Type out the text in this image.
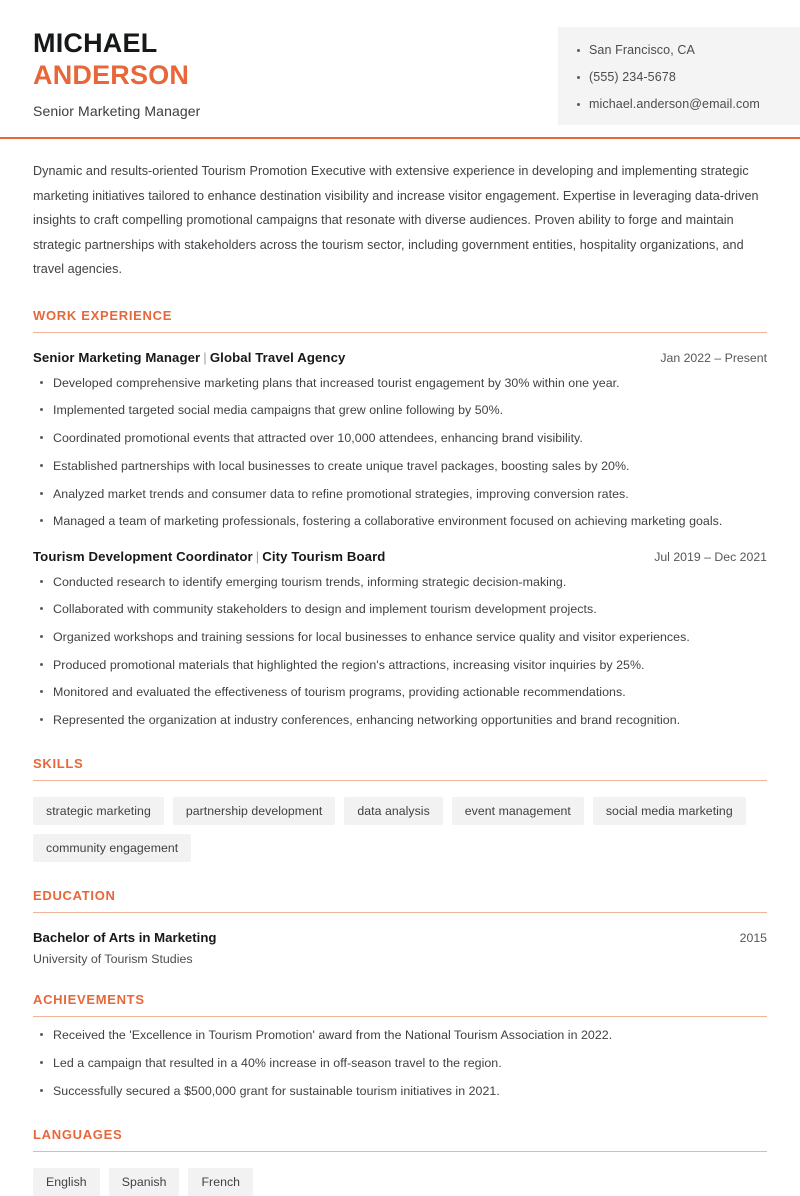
MICHAEL
ANDERSON
Senior Marketing Manager
San Francisco, CA
(555) 234-5678
michael.anderson@email.com
Dynamic and results-oriented Tourism Promotion Executive with extensive experience in developing and implementing strategic marketing initiatives tailored to enhance destination visibility and increase visitor engagement. Expertise in leveraging data-driven insights to craft compelling promotional campaigns that resonate with diverse audiences. Proven ability to forge and maintain strategic partnerships with stakeholders across the tourism sector, including government entities, hospitality organizations, and travel agencies.
WORK EXPERIENCE
Senior Marketing Manager | Global Travel Agency	Jan 2022 – Present
Developed comprehensive marketing plans that increased tourist engagement by 30% within one year.
Implemented targeted social media campaigns that grew online following by 50%.
Coordinated promotional events that attracted over 10,000 attendees, enhancing brand visibility.
Established partnerships with local businesses to create unique travel packages, boosting sales by 20%.
Analyzed market trends and consumer data to refine promotional strategies, improving conversion rates.
Managed a team of marketing professionals, fostering a collaborative environment focused on achieving marketing goals.
Tourism Development Coordinator | City Tourism Board	Jul 2019 – Dec 2021
Conducted research to identify emerging tourism trends, informing strategic decision-making.
Collaborated with community stakeholders to design and implement tourism development projects.
Organized workshops and training sessions for local businesses to enhance service quality and visitor experiences.
Produced promotional materials that highlighted the region's attractions, increasing visitor inquiries by 25%.
Monitored and evaluated the effectiveness of tourism programs, providing actionable recommendations.
Represented the organization at industry conferences, enhancing networking opportunities and brand recognition.
SKILLS
strategic marketing	partnership development	data analysis	event management	social media marketing
community engagement
EDUCATION
Bachelor of Arts in Marketing	2015
University of Tourism Studies
ACHIEVEMENTS
Received the 'Excellence in Tourism Promotion' award from the National Tourism Association in 2022.
Led a campaign that resulted in a 40% increase in off-season travel to the region.
Successfully secured a $500,000 grant for sustainable tourism initiatives in 2021.
LANGUAGES
English	Spanish	French
